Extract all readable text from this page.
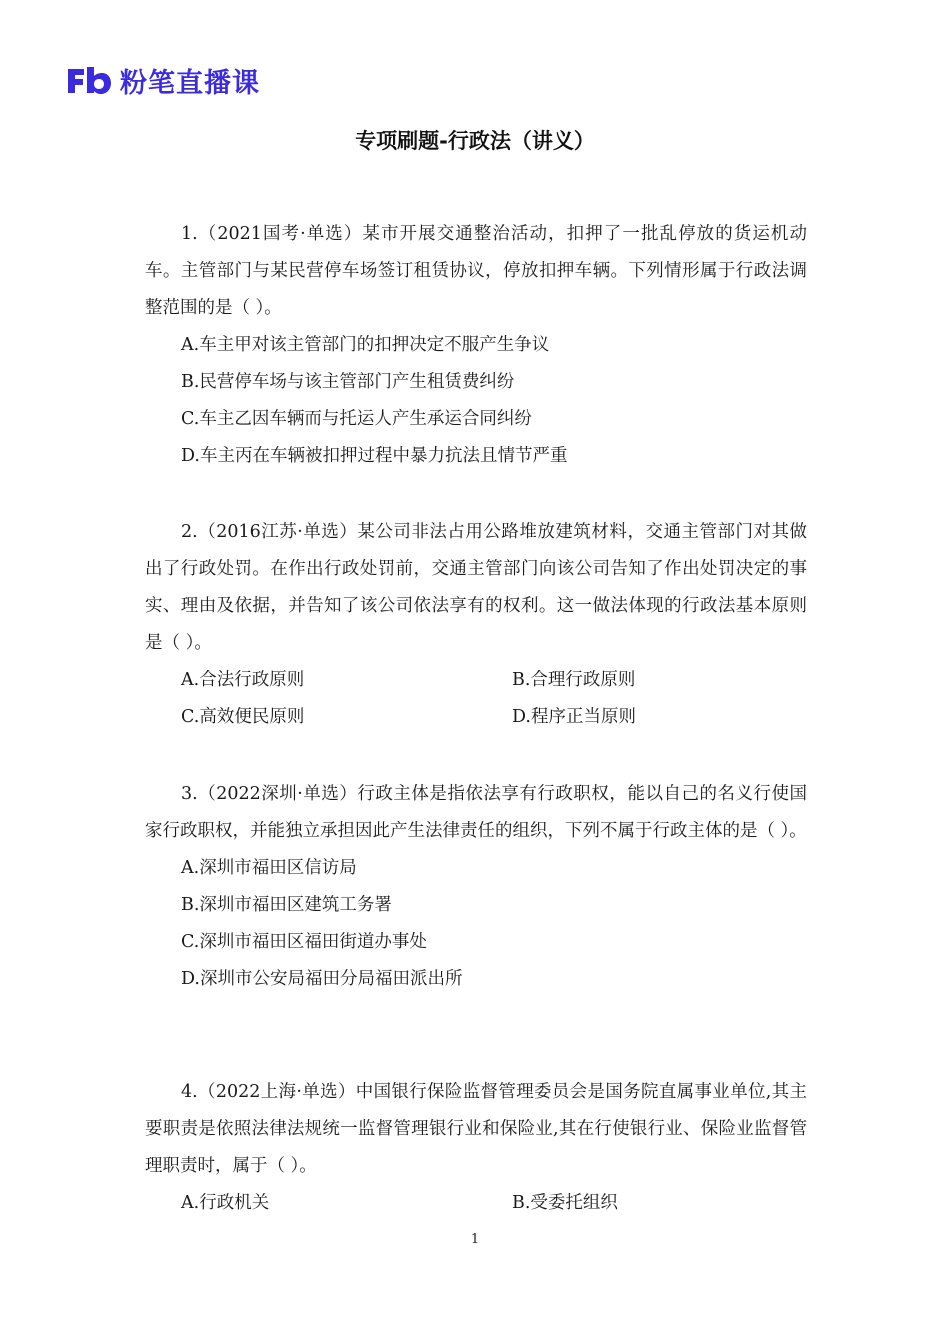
粉笔直播课
专项刷题-行政法（讲义）
1.（2021国考·单选）某市开展交通整治活动，扣押了一批乱停放的货运机动车。主管部门与某民营停车场签订租赁协议，停放扣押车辆。下列情形属于行政法调整范围的是（ ）。
A.车主甲对该主管部门的扣押决定不服产生争议
B.民营停车场与该主管部门产生租赁费纠纷
C.车主乙因车辆而与托运人产生承运合同纠纷
D.车主丙在车辆被扣押过程中暴力抗法且情节严重
2.（2016江苏·单选）某公司非法占用公路堆放建筑材料，交通主管部门对其做出了行政处罚。在作出行政处罚前，交通主管部门向该公司告知了作出处罚决定的事实、理由及依据，并告知了该公司依法享有的权利。这一做法体现的行政法基本原则是（ ）。
A.合法行政原则	B.合理行政原则
C.高效便民原则	D.程序正当原则
3.（2022深圳·单选）行政主体是指依法享有行政职权，能以自己的名义行使国家行政职权，并能独立承担因此产生法律责任的组织，下列不属于行政主体的是（ ）。
A.深圳市福田区信访局
B.深圳市福田区建筑工务署
C.深圳市福田区福田街道办事处
D.深圳市公安局福田分局福田派出所
4.（2022上海·单选）中国银行保险监督管理委员会是国务院直属事业单位,其主要职责是依照法律法规统一监督管理银行业和保险业,其在行使银行业、保险业监督管理职责时，属于（ ）。
A.行政机关	B.受委托组织
1
